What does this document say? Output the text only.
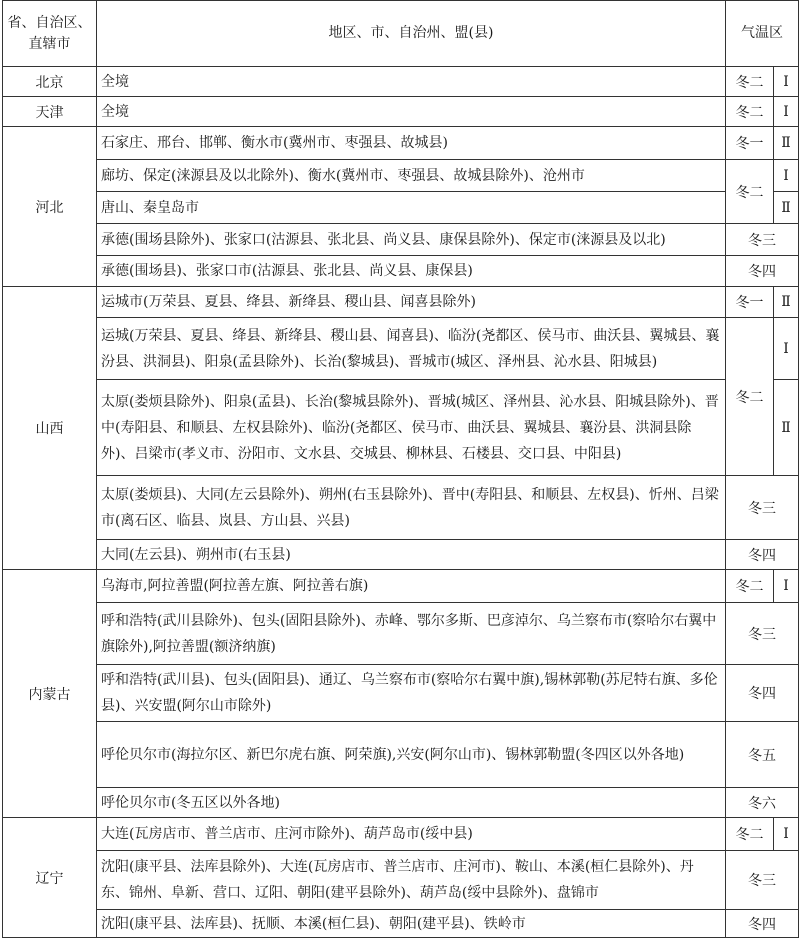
省、自治区、直辖市	地区、市、自治州、盟(县)	气温区	
北京	全境	冬二	Ⅰ
天津	全境	冬二	Ⅰ
河北	石家庄、邢台、邯郸、衡水市(冀州市、枣强县、故城县)	冬一	Ⅱ
	廊坊、保定(涞源县及以北除外)、衡水(冀州市、枣强县、故城县除外)、沧州市	冬二	Ⅰ
	唐山、秦皇岛市		Ⅱ
	承德(围场县除外)、张家口(沽源县、张北县、尚义县、康保县除外)、保定市(涞源县及以北)	冬三	
	承德(围场县)、张家口市(沽源县、张北县、尚义县、康保县)	冬四	
山西	运城市(万荣县、夏县、绛县、新绛县、稷山县、闻喜县除外)	冬一	Ⅱ
	运城(万荣县、夏县、绛县、新绛县、稷山县、闻喜县)、临汾(尧都区、侯马市、曲沃县、翼城县、襄汾县、洪洞县)、阳泉(孟县除外)、长治(黎城县)、晋城市(城区、泽州县、沁水县、阳城县)	冬二	Ⅰ
	太原(娄烦县除外)、阳泉(孟县)、长治(黎城县除外)、晋城(城区、泽州县、沁水县、阳城县除外)、晋中(寿阳县、和顺县、左权县除外)、临汾(尧都区、侯马市、曲沃县、翼城县、襄汾县、洪洞县除外)、吕梁市(孝义市、汾阳市、文水县、交城县、柳林县、石楼县、交口县、中阳县)		Ⅱ
	太原(娄烦县)、大同(左云县除外)、朔州(右玉县除外)、晋中(寿阳县、和顺县、左权县)、忻州、吕梁市(离石区、临县、岚县、方山县、兴县)	冬三	
	大同(左云县)、朔州市(右玉县)	冬四	
内蒙古	乌海市,阿拉善盟(阿拉善左旗、阿拉善右旗)	冬二	Ⅰ
	呼和浩特(武川县除外)、包头(固阳县除外)、赤峰、鄂尔多斯、巴彦淖尔、乌兰察布市(察哈尔右翼中旗除外),阿拉善盟(额济纳旗)	冬三	
	呼和浩特(武川县)、包头(固阳县)、通辽、乌兰察布市(察哈尔右翼中旗),锡林郭勒(苏尼特右旗、多伦县)、兴安盟(阿尔山市除外)	冬四	
	呼伦贝尔市(海拉尔区、新巴尔虎右旗、阿荣旗),兴安(阿尔山市)、锡林郭勒盟(冬四区以外各地)	冬五	
	呼伦贝尔市(冬五区以外各地)	冬六	
辽宁	大连(瓦房店市、普兰店市、庄河市除外)、葫芦岛市(绥中县)	冬二	Ⅰ
	沈阳(康平县、法库县除外)、大连(瓦房店市、普兰店市、庄河市)、鞍山、本溪(桓仁县除外)、丹东、锦州、阜新、营口、辽阳、朝阳(建平县除外)、葫芦岛(绥中县除外)、盘锦市	冬三	
	沈阳(康平县、法库县)、抚顺、本溪(桓仁县)、朝阳(建平县)、铁岭市	冬四	
